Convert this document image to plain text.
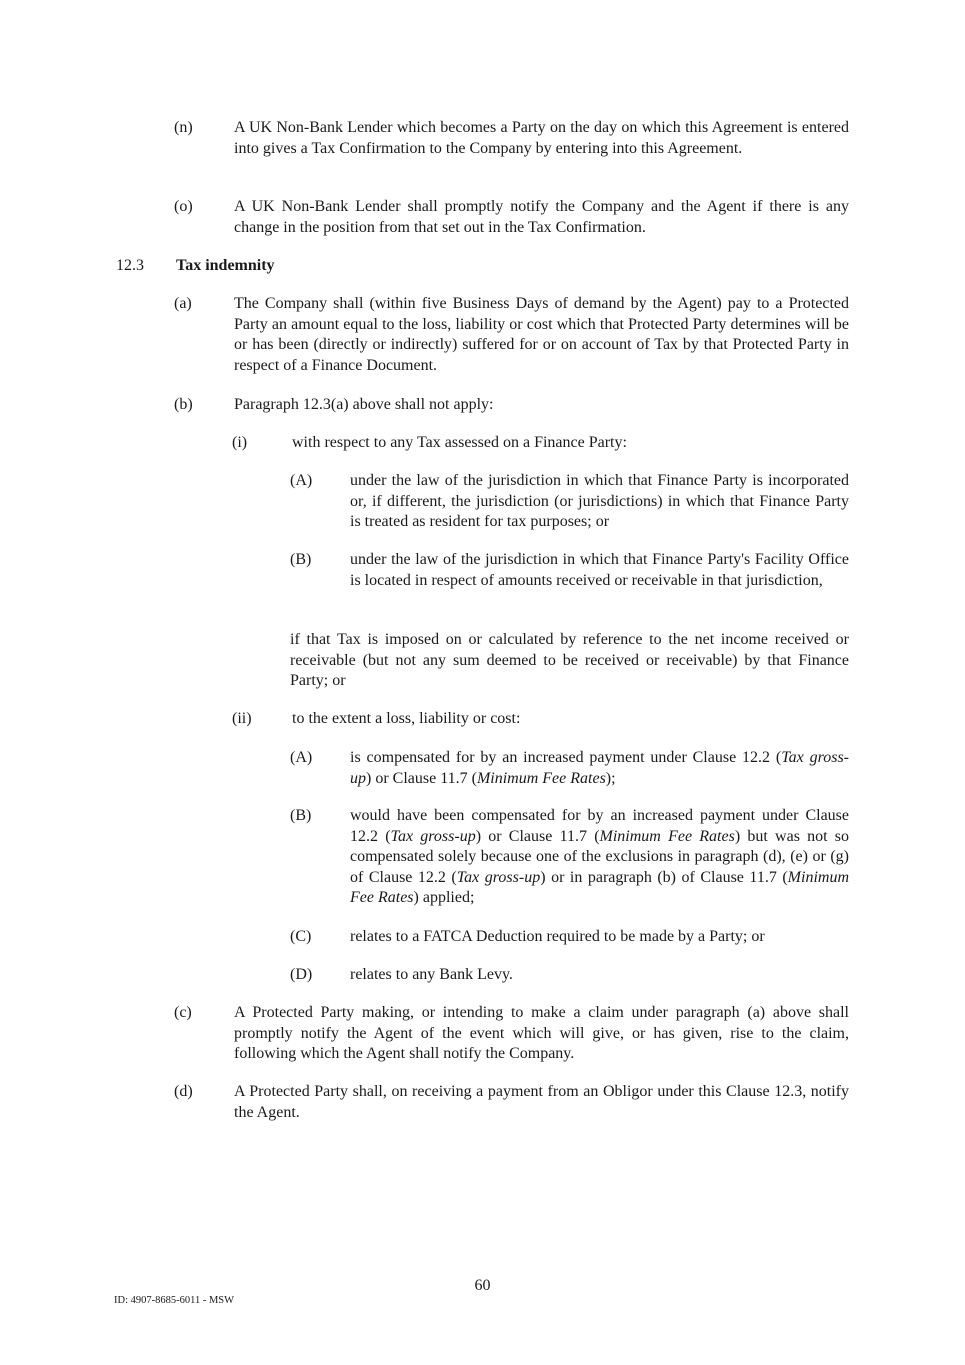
(n)	A UK Non-Bank Lender which becomes a Party on the day on which this Agreement is entered into gives a Tax Confirmation to the Company by entering into this Agreement.
(o)	A UK Non-Bank Lender shall promptly notify the Company and the Agent if there is any change in the position from that set out in the Tax Confirmation.
12.3 Tax indemnity
(a)	The Company shall (within five Business Days of demand by the Agent) pay to a Protected Party an amount equal to the loss, liability or cost which that Protected Party determines will be or has been (directly or indirectly) suffered for or on account of Tax by that Protected Party in respect of a Finance Document.
(b)	Paragraph 12.3(a) above shall not apply:
(i)	with respect to any Tax assessed on a Finance Party:
(A) under the law of the jurisdiction in which that Finance Party is incorporated or, if different, the jurisdiction (or jurisdictions) in which that Finance Party is treated as resident for tax purposes; or
(B) under the law of the jurisdiction in which that Finance Party's Facility Office is located in respect of amounts received or receivable in that jurisdiction,
if that Tax is imposed on or calculated by reference to the net income received or receivable (but not any sum deemed to be received or receivable) by that Finance Party; or
(ii)	to the extent a loss, liability or cost:
(A) is compensated for by an increased payment under Clause 12.2 (Tax gross-up) or Clause 11.7 (Minimum Fee Rates);
(B) would have been compensated for by an increased payment under Clause 12.2 (Tax gross-up) or Clause 11.7 (Minimum Fee Rates) but was not so compensated solely because one of the exclusions in paragraph (d), (e) or (g) of Clause 12.2 (Tax gross-up) or in paragraph (b) of Clause 11.7 (Minimum Fee Rates) applied;
(C) relates to a FATCA Deduction required to be made by a Party; or
(D) relates to any Bank Levy.
(c)	A Protected Party making, or intending to make a claim under paragraph (a) above shall promptly notify the Agent of the event which will give, or has given, rise to the claim, following which the Agent shall notify the Company.
(d)	A Protected Party shall, on receiving a payment from an Obligor under this Clause 12.3, notify the Agent.
60
ID: 4907-8685-6011 - MSW
